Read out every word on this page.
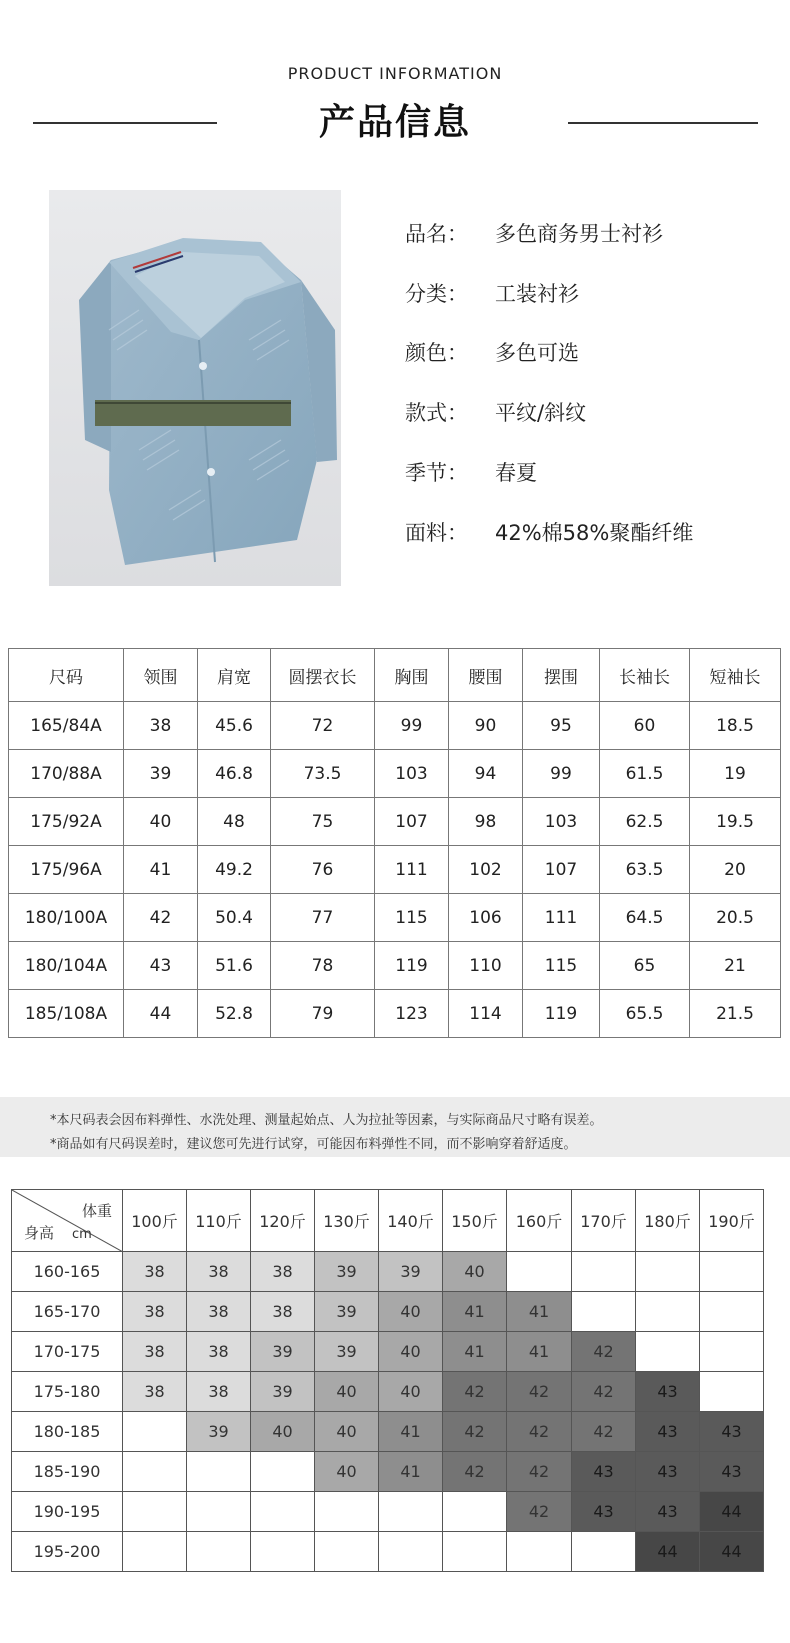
PRODUCT INFORMATION
产品信息
品名： 多色商务男士衬衫
分类： 工装衬衫
颜色： 多色可选
款式： 平纹/斜纹
季节： 春夏
面料： 42%棉58%聚酯纤维
尺码	领围	肩宽	圆摆衣长	胸围	腰围	摆围	长袖长	短袖长
165/84A	38	45.6	72	99	90	95	60	18.5
170/88A	39	46.8	73.5	103	94	99	61.5	19
175/92A	40	48	75	107	98	103	62.5	19.5
175/96A	41	49.2	76	111	102	107	63.5	20
180/100A	42	50.4	77	115	106	111	64.5	20.5
180/104A	43	51.6	78	119	110	115	65	21
185/108A	44	52.8	79	123	114	119	65.5	21.5
*本尺码表会因布料弹性、水洗处理、测量起始点、人为拉扯等因素，与实际商品尺寸略有误差。
*商品如有尺码误差时，建议您可先进行试穿，可能因布料弹性不同，而不影响穿着舒适度。
体重
身高 cm	100斤	110斤	120斤	130斤	140斤	150斤	160斤	170斤	180斤	190斤
160-165	38	38	38	39	39	40				
165-170	38	38	38	39	40	41	41			
170-175	38	38	39	39	40	41	41	42		
175-180	38	38	39	40	40	42	42	42	43	
180-185		39	40	40	41	42	42	42	43	43
185-190				40	41	42	42	43	43	43
190-195							42	43	43	44
195-200									44	44
